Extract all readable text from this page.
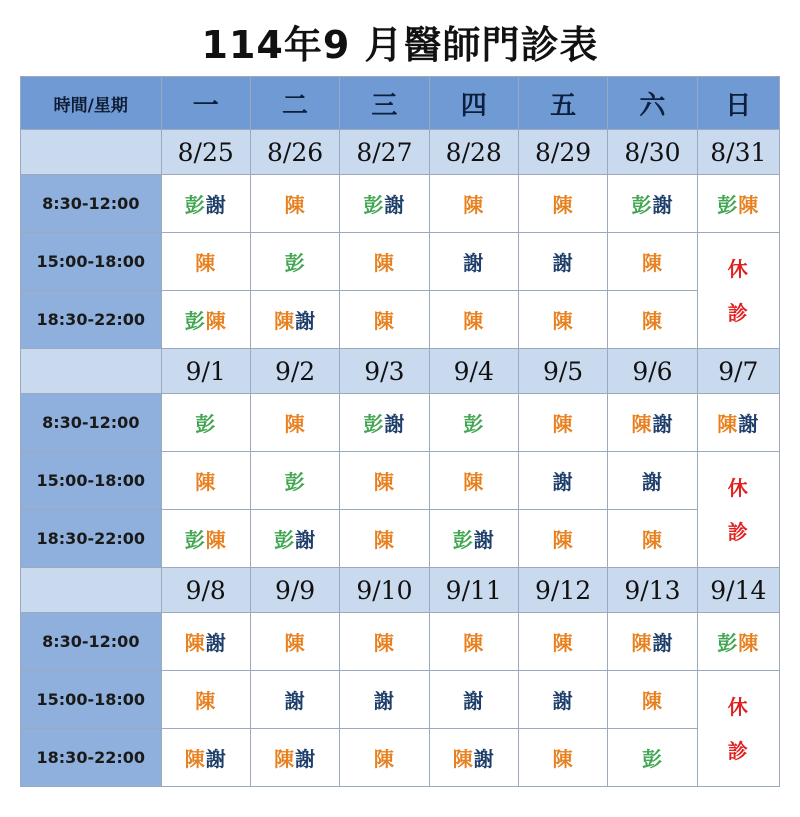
114年9 月醫師門診表
時間/星期	一	二	三	四	五	六	日
	8/25	8/26	8/27	8/28	8/29	8/30	8/31
8:30-12:00	彭謝	陳	彭謝	陳	陳	彭謝	彭陳
15:00-18:00	陳	彭	陳	謝	謝	陳	休
診

18:30-22:00	彭陳	陳謝	陳	陳	陳	陳	
	9/1	9/2	9/3	9/4	9/5	9/6	9/7
8:30-12:00	彭	陳	彭謝	彭	陳	陳謝	陳謝
15:00-18:00	陳	彭	陳	陳	謝	謝	休
診

18:30-22:00	彭陳	彭謝	陳	彭謝	陳	陳	
	9/8	9/9	9/10	9/11	9/12	9/13	9/14
8:30-12:00	陳謝	陳	陳	陳	陳	陳謝	彭陳
15:00-18:00	陳	謝	謝	謝	謝	陳	休
診

18:30-22:00	陳謝	陳謝	陳	陳謝	陳	彭	
